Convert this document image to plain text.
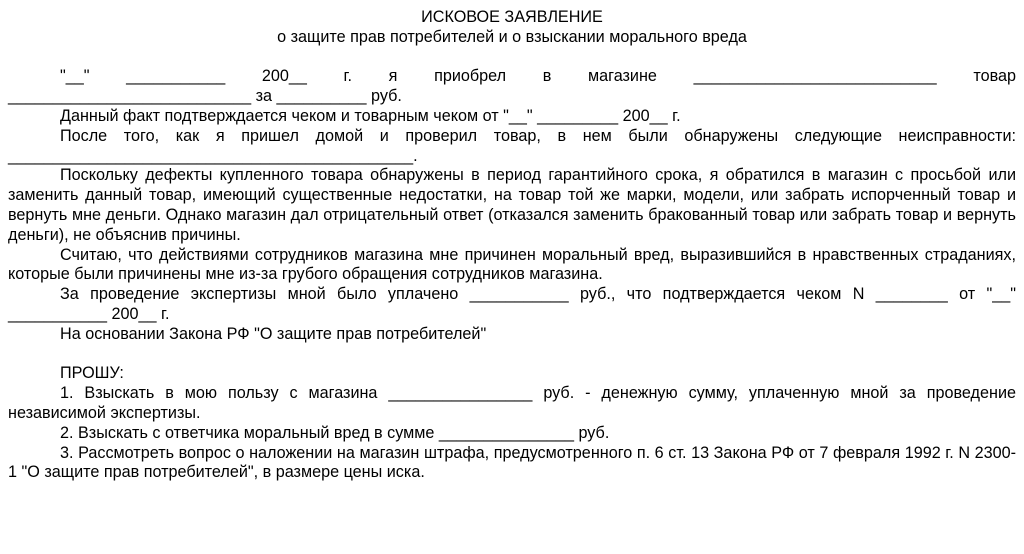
ИСКОВОЕ ЗАЯВЛЕНИЕ
о защите прав потребителей и о взыскании морального вреда

"__" ___________ 200__ г. я приобрел в магазине ___________________________ товар

___________________________ за __________ руб.

Данный факт подтверждается чеком и товарным чеком от "__" _________ 200__ г.

После того, как я пришел домой и проверил товар, в нем были обнаружены следующие неисправности: _____________________________________________.

Поскольку дефекты купленного товара обнаружены в период гарантийного срока, я обратился в магазин с просьбой или заменить данный товар, имеющий существенные недостатки, на товар той же марки, модели, или забрать испорченный товар и вернуть мне деньги. Однако магазин дал отрицательный ответ (отказался заменить бракованный товар или забрать товар и вернуть деньги), не объяснив причины.

Считаю, что действиями сотрудников магазина мне причинен моральный вред, выразившийся в нравственных страданиях, которые были причинены мне из-за грубого обращения сотрудников магазина.

За проведение экспертизы мной было уплачено ___________ руб., что подтверждается чеком N ________ от "__" ___________ 200__ г.

На основании Закона РФ "О защите прав потребителей"

ПРОШУ:

1. Взыскать в мою пользу с магазина ________________ руб. - денежную сумму, уплаченную мной за проведение независимой экспертизы.

2. Взыскать с ответчика моральный вред в сумме _______________ руб.

3. Рассмотреть вопрос о наложении на магазин штрафа, предусмотренного п. 6 ст. 13 Закона РФ от 7 февраля 1992 г. N 2300-1 "О защите прав потребителей", в размере цены иска.
